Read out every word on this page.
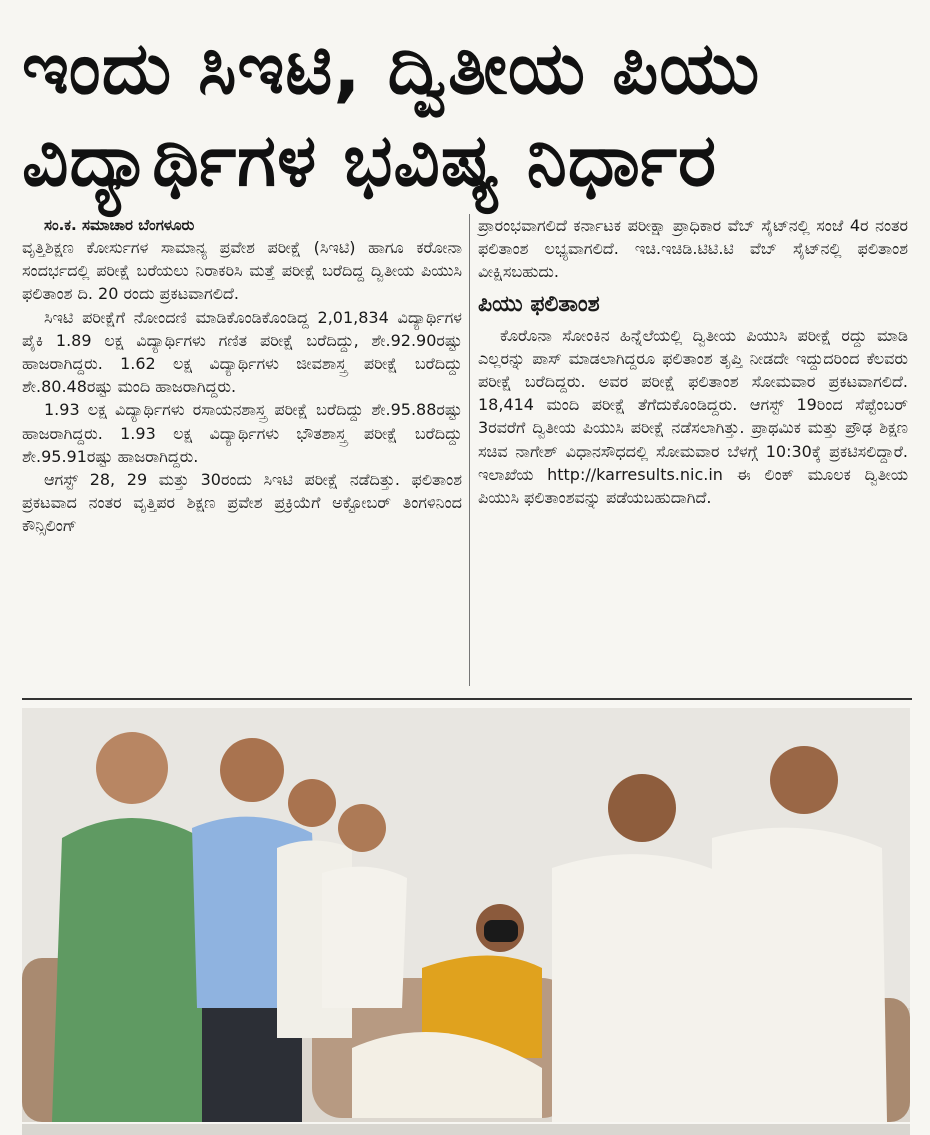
ಇಂದು ಸಿಇಟಿ, ದ್ವಿತೀಯ ಪಿಯು ವಿದ್ಯಾರ್ಥಿಗಳ ಭವಿಷ್ಯ ನಿರ್ಧಾರ

ಸಂ.ಕ. ಸಮಾಚಾರ ಬೆಂಗಳೂರು

ವೃತ್ತಿಶಿಕ್ಷಣ ಕೋರ್ಸುಗಳ ಸಾಮಾನ್ಯ ಪ್ರವೇಶ ಪರೀಕ್ಷೆ (ಸಿಇಟಿ) ಹಾಗೂ ಕರೋನಾ ಸಂದರ್ಭದಲ್ಲಿ ಪರೀಕ್ಷೆ ಬರೆಯಲು ನಿರಾಕರಿಸಿ ಮತ್ತೆ ಪರೀಕ್ಷೆ ಬರೆದಿದ್ದ ದ್ವಿತೀಯ ಪಿಯುಸಿ ಫಲಿತಾಂಶ ದಿ. 20 ರಂದು ಪ್ರಕಟವಾಗಲಿದೆ.

ಸಿಇಟಿ ಪರೀಕ್ಷೆಗೆ ನೋಂದಣಿ ಮಾಡಿಕೊಂಡಿಕೊಂಡಿದ್ದ 2,01,834 ವಿದ್ಯಾರ್ಥಿಗಳ ಪೈಕಿ 1.89 ಲಕ್ಷ ವಿದ್ಯಾರ್ಥಿಗಳು ಗಣಿತ ಪರೀಕ್ಷೆ ಬರೆದಿದ್ದು, ಶೇ.92.90ರಷ್ಟು ಹಾಜರಾಗಿದ್ದರು. 1.62 ಲಕ್ಷ ವಿದ್ಯಾರ್ಥಿಗಳು ಜೀವಶಾಸ್ತ್ರ ಪರೀಕ್ಷೆ ಬರೆದಿದ್ದು ಶೇ.80.48ರಷ್ಟು ಮಂದಿ ಹಾಜರಾಗಿದ್ದರು.

1.93 ಲಕ್ಷ ವಿದ್ಯಾರ್ಥಿಗಳು ರಸಾಯನಶಾಸ್ತ್ರ ಪರೀಕ್ಷೆ ಬರೆದಿದ್ದು ಶೇ.95.88ರಷ್ಟು ಹಾಜರಾಗಿದ್ದರು. 1.93 ಲಕ್ಷ ವಿದ್ಯಾರ್ಥಿಗಳು ಭೌತಶಾಸ್ತ್ರ ಪರೀಕ್ಷೆ ಬರೆದಿದ್ದು ಶೇ.95.91ರಷ್ಟು ಹಾಜರಾಗಿದ್ದರು.

ಆಗಸ್ಟ್ 28, 29 ಮತ್ತು 30ರಂದು ಸಿಇಟಿ ಪರೀಕ್ಷೆ ನಡೆದಿತ್ತು. ಫಲಿತಾಂಶ ಪ್ರಕಟವಾದ ನಂತರ ವೃತ್ತಿಪರ ಶಿಕ್ಷಣ ಪ್ರವೇಶ ಪ್ರಕ್ರಿಯೆಗೆ ಅಕ್ಟೋಬರ್ ತಿಂಗಳಿನಿಂದ ಕೌನ್ಸಿಲಿಂಗ್

ಪ್ರಾರಂಭವಾಗಲಿದೆ ಕರ್ನಾಟಕ ಪರೀಕ್ಷಾ ಪ್ರಾಧಿಕಾರ ವೆಬ್ ಸೈಟ್‌ನಲ್ಲಿ ಸಂಜೆ 4ರ ನಂತರ ಫಲಿತಾಂಶ ಲಭ್ಯವಾಗಲಿದೆ. ಇಚಿ.ಇಚಿಡಿ.ಟಿಟಿ.ಟಿ ವೆಬ್ ಸೈಟ್‌ನಲ್ಲಿ ಫಲಿತಾಂಶ ವೀಕ್ಷಿಸಬಹುದು.

ಪಿಯು ಫಲಿತಾಂಶ

ಕೊರೊನಾ ಸೋಂಕಿನ ಹಿನ್ನೆಲೆಯಲ್ಲಿ ದ್ವಿತೀಯ ಪಿಯುಸಿ ಪರೀಕ್ಷೆ ರದ್ದು ಮಾಡಿ ಎಲ್ಲರನ್ನು ಪಾಸ್ ಮಾಡಲಾಗಿದ್ದರೂ ಫಲಿತಾಂಶ ತೃಪ್ತಿ ನೀಡದೇ ಇದ್ದುದರಿಂದ ಕೆಲವರು ಪರೀಕ್ಷೆ ಬರೆದಿದ್ದರು. ಅವರ ಪರೀಕ್ಷೆ ಫಲಿತಾಂಶ ಸೋಮವಾರ ಪ್ರಕಟವಾಗಲಿದೆ. 18,414 ಮಂದಿ ಪರೀಕ್ಷೆ ತೆಗೆದುಕೊಂಡಿದ್ದರು. ಆಗಸ್ಟ್ 19ರಿಂದ ಸೆಪ್ಟೆಂಬರ್ 3ರವರೆಗೆ ದ್ವಿತೀಯ ಪಿಯುಸಿ ಪರೀಕ್ಷೆ ನಡೆಸಲಾಗಿತ್ತು. ಪ್ರಾಥಮಿಕ ಮತ್ತು ಪ್ರೌಢ ಶಿಕ್ಷಣ ಸಚಿವ ನಾಗೇಶ್ ವಿಧಾನಸೌಧದಲ್ಲಿ ಸೋಮವಾರ ಬೆಳಗ್ಗೆ 10:30ಕ್ಕೆ ಪ್ರಕಟಿಸಲಿದ್ದಾರೆ. ಇಲಾಖೆಯ http://karresults.nic.in ಈ ಲಿಂಕ್ ಮೂಲಕ ದ್ವಿತೀಯ ಪಿಯುಸಿ ಫಲಿತಾಂಶವನ್ನು ಪಡೆಯಬಹುದಾಗಿದೆ.
